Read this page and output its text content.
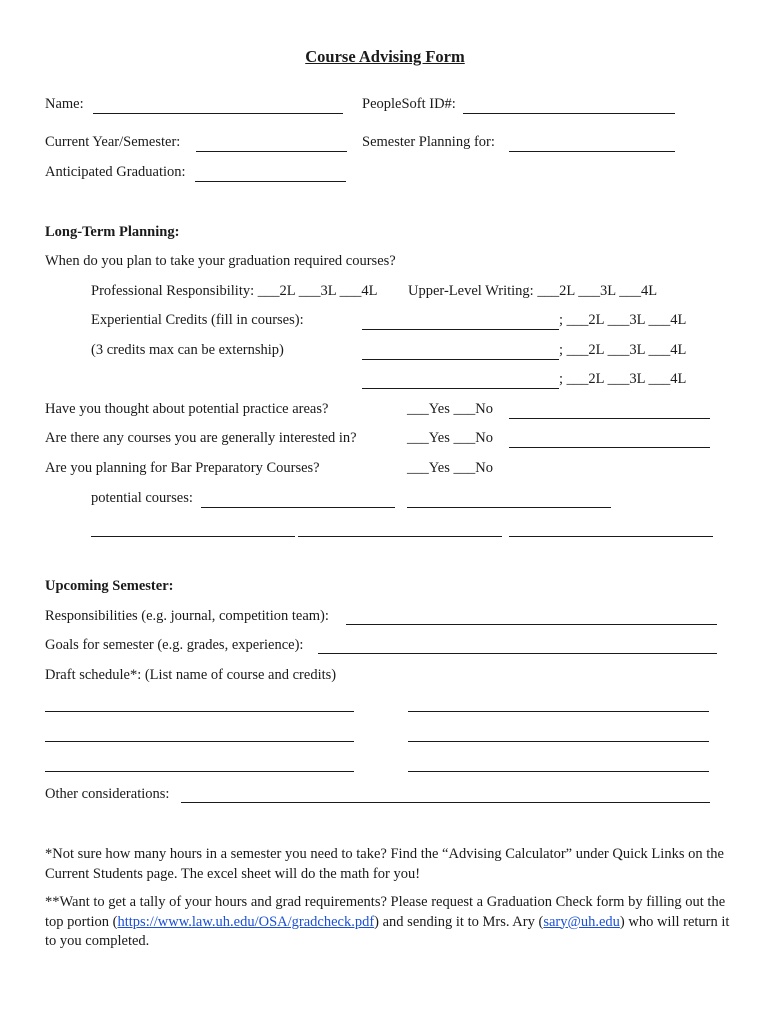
Course Advising Form
Name:	PeopleSoft ID#:
Current Year/Semester:	Semester Planning for:
Anticipated Graduation:
Long-Term Planning:
When do you plan to take your graduation required courses?
Professional Responsibility: ___2L ___3L ___4L Upper-Level Writing: ___2L ___3L ___4L
Experiential Credits (fill in courses):	; ___2L ___3L ___4L
(3 credits max can be externship)	; ___2L ___3L ___4L
; ___2L ___3L ___4L
Have you thought about potential practice areas?	___Yes ___No
Are there any courses you are generally interested in?	___Yes ___No
Are you planning for Bar Preparatory Courses?	___Yes ___No
potential courses:
Upcoming Semester:
Responsibilities (e.g. journal, competition team):
Goals for semester (e.g. grades, experience):
Draft schedule*: (List name of course and credits)
Other considerations:
*Not sure how many hours in a semester you need to take? Find the “Advising Calculator” under Quick Links on the Current Students page. The excel sheet will do the math for you!
**Want to get a tally of your hours and grad requirements? Please request a Graduation Check form by filling out the top portion (https://www.law.uh.edu/OSA/gradcheck.pdf) and sending it to Mrs. Ary (sary@uh.edu) who will return it to you completed.
